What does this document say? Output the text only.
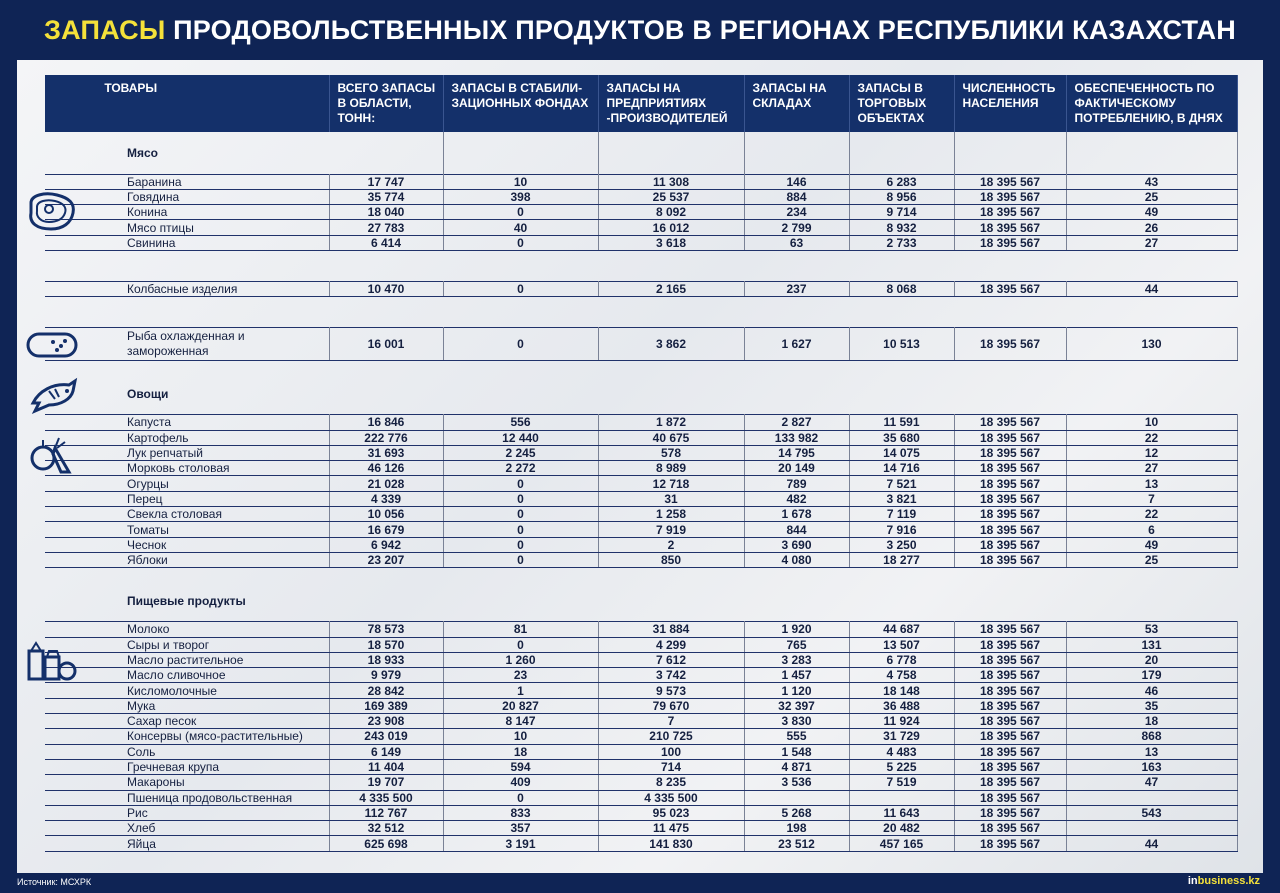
ЗАПАСЫ ПРОДОВОЛЬСТВЕННЫХ ПРОДУКТОВ В РЕГИОНАХ РЕСПУБЛИКИ КАЗАХСТАН
ТОВАРЫ	ВСЕГО ЗАПАСЫ В ОБЛАСТИ, ТОНН:	ЗАПАСЫ В СТАБИЛИ- ЗАЦИОННЫХ ФОНДАХ	ЗАПАСЫ НА ПРЕДПРИЯТИЯХ -ПРОИЗВОДИТЕЛЕЙ	ЗАПАСЫ НА СКЛАДАХ	ЗАПАСЫ В ТОРГОВЫХ ОБЪЕКТАХ	ЧИСЛЕННОСТЬ НАСЕЛЕНИЯ	ОБЕСПЕЧЕННОСТЬ ПО ФАКТИЧЕСКОМУ ПОТРЕБЛЕНИЮ, В ДНЯХ
Мясо							
Баранина	17 747	10	11 308	146	6 283	18 395 567	43
Говядина	35 774	398	25 537	884	8 956	18 395 567	25
Конина	18 040	0	8 092	234	9 714	18 395 567	49
Мясо птицы	27 783	40	16 012	2 799	8 932	18 395 567	26
Свинина	6 414	0	3 618	63	2 733	18 395 567	27

Колбасные изделия	10 470	0	2 165	237	8 068	18 395 567	44

Рыба охлажденная и замороженная	16 001	0	3 862	1 627	10 513	18 395 567	130

Овощи							
Капуста	16 846	556	1 872	2 827	11 591	18 395 567	10
Картофель	222 776	12 440	40 675	133 982	35 680	18 395 567	22
Лук репчатый	31 693	2 245	578	14 795	14 075	18 395 567	12
Морковь столовая	46 126	2 272	8 989	20 149	14 716	18 395 567	27
Огурцы	21 028	0	12 718	789	7 521	18 395 567	13
Перец	4 339	0	31	482	3 821	18 395 567	7
Свекла столовая	10 056	0	1 258	1 678	7 119	18 395 567	22
Томаты	16 679	0	7 919	844	7 916	18 395 567	6
Чеснок	6 942	0	2	3 690	3 250	18 395 567	49
Яблоки	23 207	0	850	4 080	18 277	18 395 567	25

Пищевые продукты							
Молоко	78 573	81	31 884	1 920	44 687	18 395 567	53
Сыры и творог	18 570	0	4 299	765	13 507	18 395 567	131
Масло растительное	18 933	1 260	7 612	3 283	6 778	18 395 567	20
Масло сливочное	9 979	23	3 742	1 457	4 758	18 395 567	179
Кисломолочные	28 842	1	9 573	1 120	18 148	18 395 567	46
Мука	169 389	20 827	79 670	32 397	36 488	18 395 567	35
Сахар песок	23 908	8 147	7	3 830	11 924	18 395 567	18
Консервы (мясо-растительные)	243 019	10	210 725	555	31 729	18 395 567	868
Соль	6 149	18	100	1 548	4 483	18 395 567	13
Гречневая крупа	11 404	594	714	4 871	5 225	18 395 567	163
Макароны	19 707	409	8 235	3 536	7 519	18 395 567	47
Пшеница продовольственная	4 335 500	0	4 335 500			18 395 567	
Рис	112 767	833	95 023	5 268	11 643	18 395 567	543
Хлеб	32 512	357	11 475	198	20 482	18 395 567	
Яйца	625 698	3 191	141 830	23 512	457 165	18 395 567	44
Источник: МСХРК	inbusiness.kz
